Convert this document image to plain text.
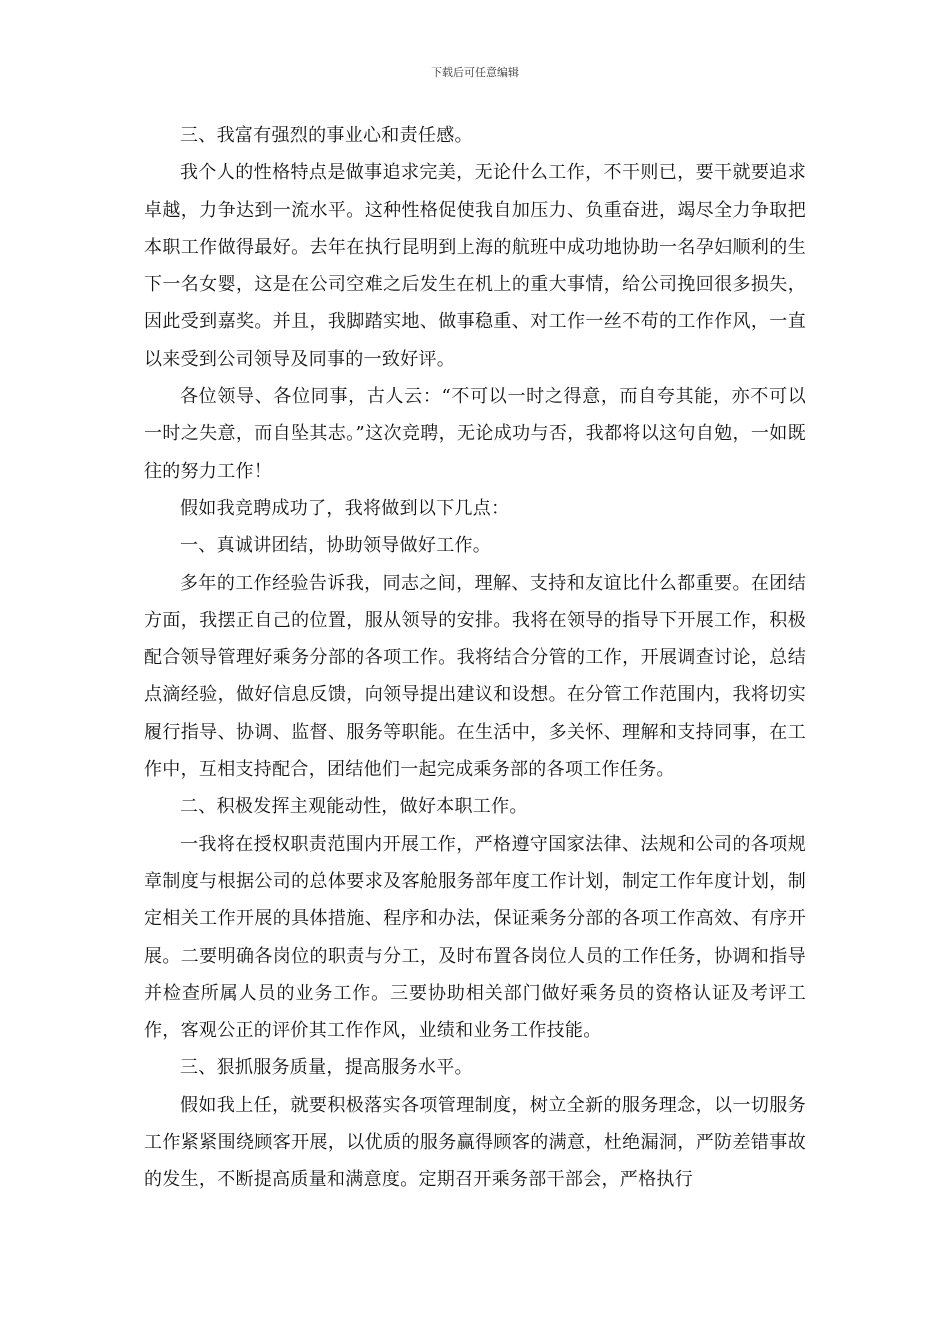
下载后可任意编辑

三、我富有强烈的事业心和责任感。

我个人的性格特点是做事追求完美，无论什么工作，不干则已，要干就要追求卓越，力争达到一流水平。这种性格促使我自加压力、负重奋进，竭尽全力争取把本职工作做得最好。去年在执行昆明到上海的航班中成功地协助一名孕妇顺利的生下一名女婴，这是在公司空难之后发生在机上的重大事情，给公司挽回很多损失，因此受到嘉奖。并且，我脚踏实地、做事稳重、对工作一丝不苟的工作作风，一直以来受到公司领导及同事的一致好评。

各位领导、各位同事，古人云：“不可以一时之得意，而自夸其能，亦不可以一时之失意，而自坠其志。”这次竞聘，无论成功与否，我都将以这句自勉，一如既往的努力工作！

假如我竞聘成功了，我将做到以下几点：

一、真诚讲团结，协助领导做好工作。

多年的工作经验告诉我，同志之间，理解、支持和友谊比什么都重要。在团结方面，我摆正自己的位置，服从领导的安排。我将在领导的指导下开展工作，积极配合领导管理好乘务分部的各项工作。我将结合分管的工作，开展调查讨论，总结点滴经验，做好信息反馈，向领导提出建议和设想。在分管工作范围内，我将切实履行指导、协调、监督、服务等职能。在生活中，多关怀、理解和支持同事，在工作中，互相支持配合，团结他们一起完成乘务部的各项工作任务。

二、积极发挥主观能动性，做好本职工作。

一我将在授权职责范围内开展工作，严格遵守国家法律、法规和公司的各项规章制度与根据公司的总体要求及客舱服务部年度工作计划，制定工作年度计划，制定相关工作开展的具体措施、程序和办法，保证乘务分部的各项工作高效、有序开展。二要明确各岗位的职责与分工，及时布置各岗位人员的工作任务，协调和指导并检查所属人员的业务工作。三要协助相关部门做好乘务员的资格认证及考评工作，客观公正的评价其工作作风，业绩和业务工作技能。

三、狠抓服务质量，提高服务水平。

假如我上任，就要积极落实各项管理制度，树立全新的服务理念，以一切服务工作紧紧围绕顾客开展，以优质的服务赢得顾客的满意，杜绝漏洞，严防差错事故的发生，不断提高质量和满意度。定期召开乘务部干部会，严格执行
